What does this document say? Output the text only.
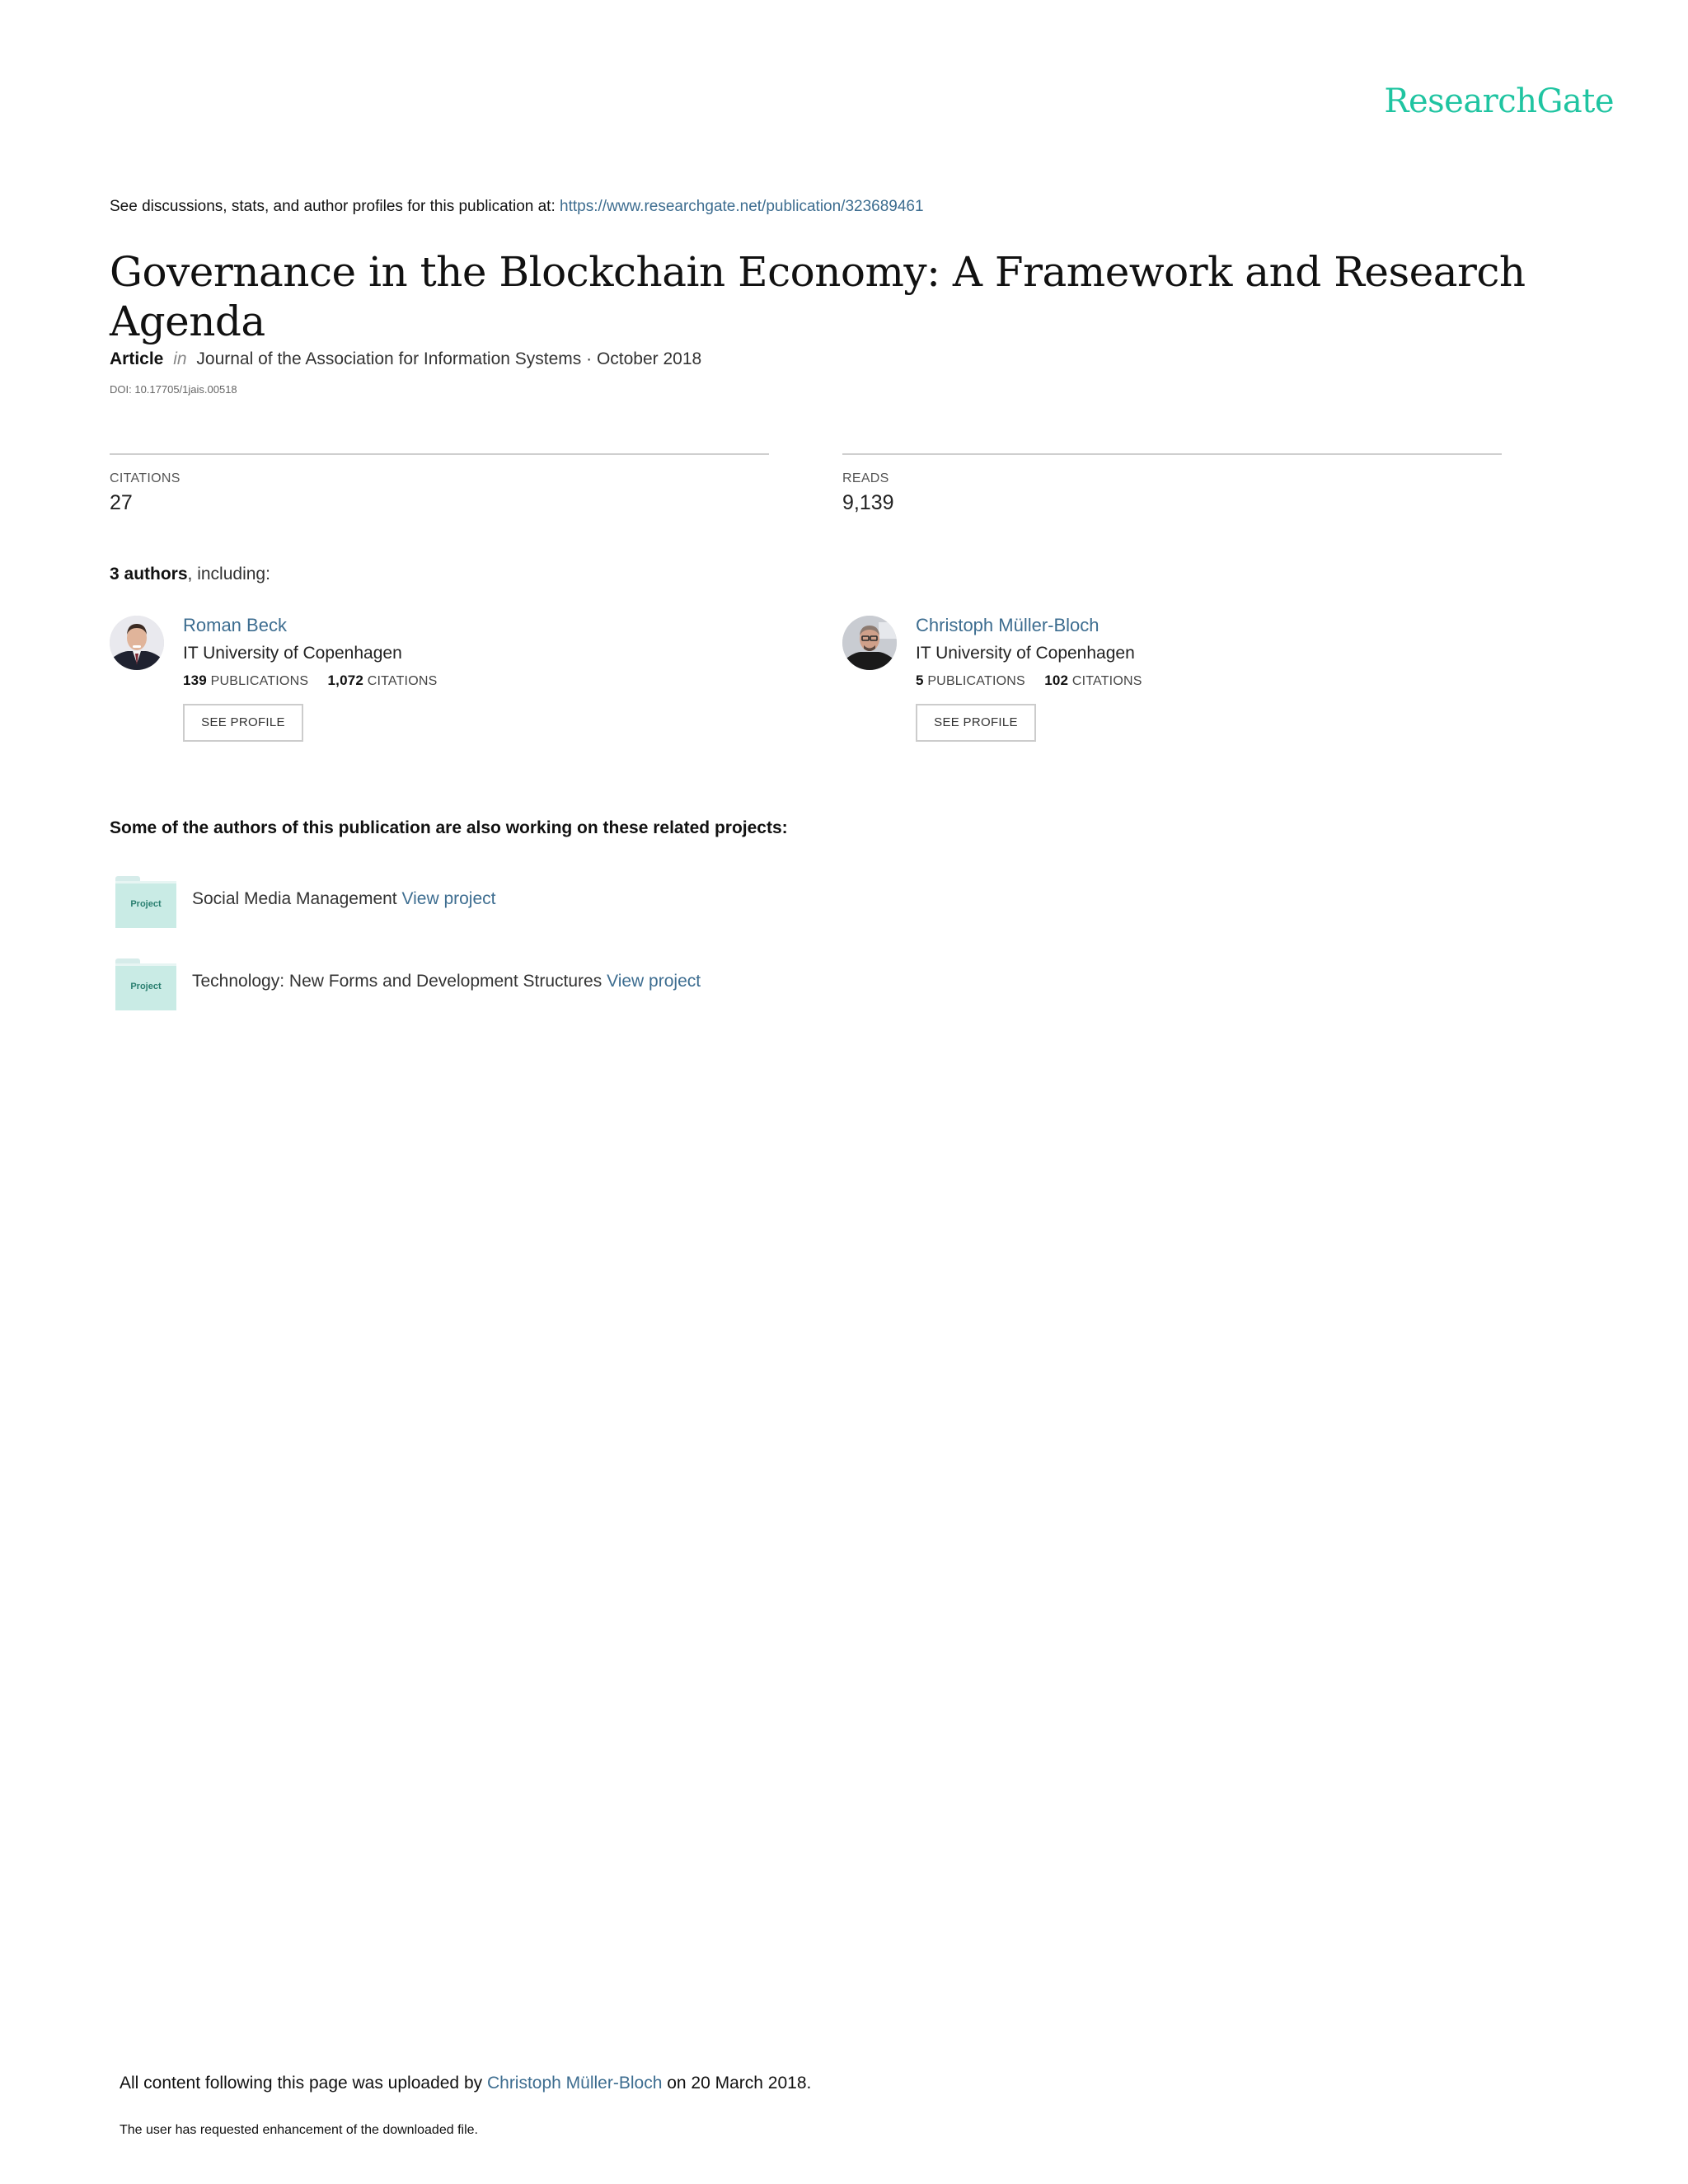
ResearchGate
See discussions, stats, and author profiles for this publication at: https://www.researchgate.net/publication/323689461
Governance in the Blockchain Economy: A Framework and Research Agenda
Article in Journal of the Association for Information Systems · October 2018
DOI: 10.17705/1jais.00518
CITATIONS
27
READS
9,139
3 authors, including:
Roman Beck
IT University of Copenhagen
139 PUBLICATIONS 1,072 CITATIONS
SEE PROFILE
Christoph Müller-Bloch
IT University of Copenhagen
5 PUBLICATIONS 102 CITATIONS
SEE PROFILE
Some of the authors of this publication are also working on these related projects:
Project	Social Media Management View project
Project	Technology: New Forms and Development Structures View project
All content following this page was uploaded by Christoph Müller-Bloch on 20 March 2018.
The user has requested enhancement of the downloaded file.
